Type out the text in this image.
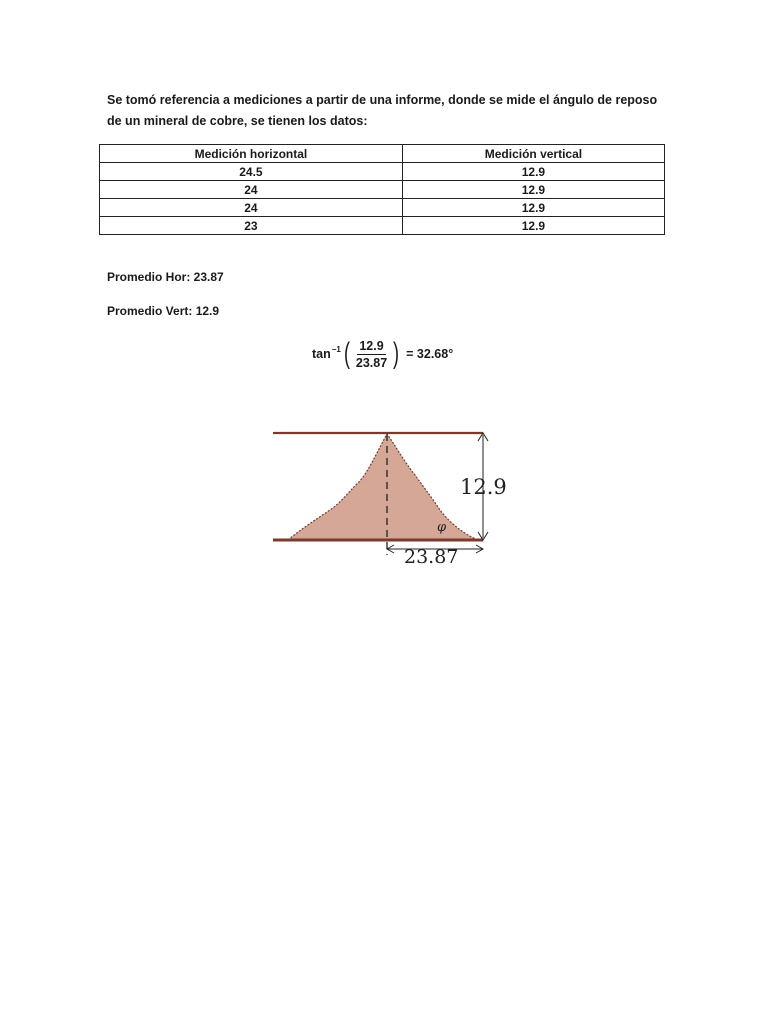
Se tomó referencia a mediciones a partir de una informe, donde se mide el ángulo de reposo de un mineral de cobre, se tienen los datos:

Medición horizontal	Medición vertical
24.5	12.9
24	12.9
24	12.9
23	12.9

Promedio Hor: 23.87

Promedio Vert: 12.9

$\tan^{-1}$ ( $\frac{12.9}{23.87}$ ) = 32.68°
12.9
23.87
φ
